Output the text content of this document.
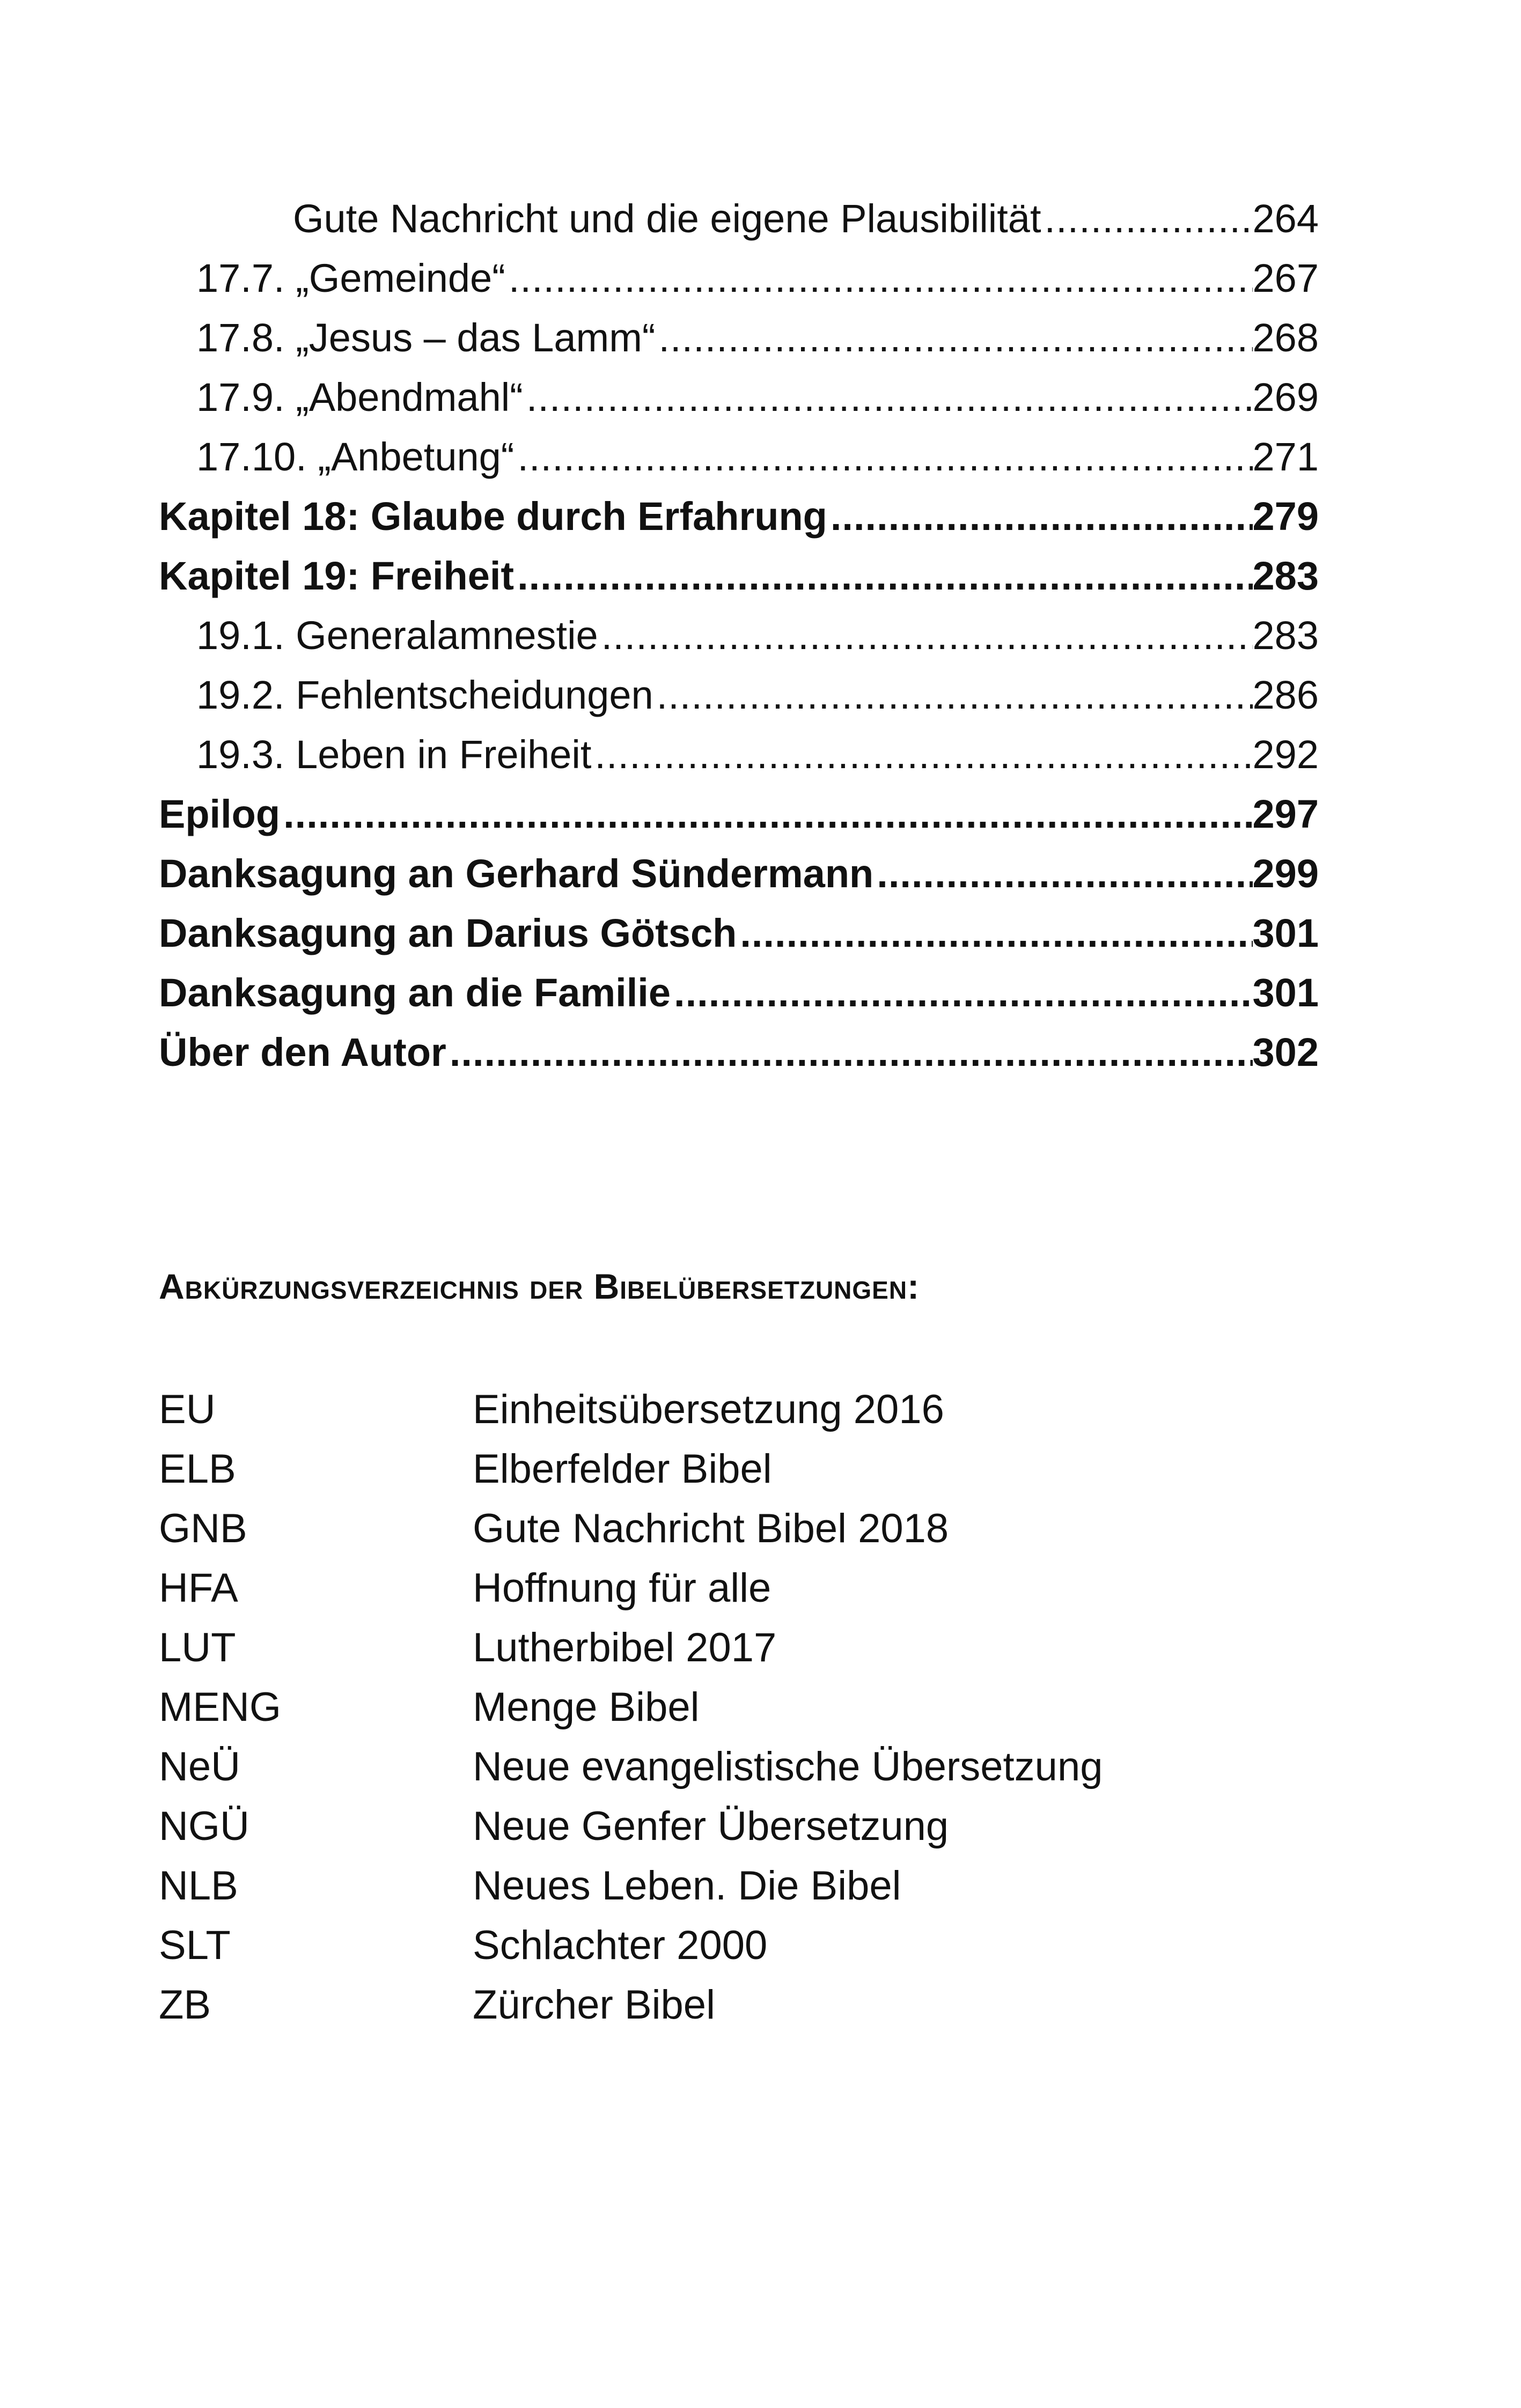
Gute Nachricht und die eigene Plausibilität .....	264
17.7. „Gemeinde“ .....	267
17.8. „Jesus – das Lamm“ .....	268
17.9. „Abendmahl“ .....	269
17.10. „Anbetung“ .....	271
Kapitel 18: Glaube durch Erfahrung .....	279
Kapitel 19: Freiheit .....	283
19.1. Generalamnestie .....	283
19.2. Fehlentscheidungen .....	286
19.3. Leben in Freiheit .....	292
Epilog .....	297
Danksagung an Gerhard Sündermann .....	299
Danksagung an Darius Götsch .....	301
Danksagung an die Familie .....	301
Über den Autor .....	302
Abkürzungsverzeichnis der Bibelübersetzungen:
EU	Einheitsübersetzung 2016
ELB	Elberfelder Bibel
GNB	Gute Nachricht Bibel 2018
HFA	Hoffnung für alle
LUT	Lutherbibel 2017
MENG	Menge Bibel
NeÜ	Neue evangelistische Übersetzung
NGÜ	Neue Genfer Übersetzung
NLB	Neues Leben. Die Bibel
SLT	Schlachter 2000
ZB	Zürcher Bibel
